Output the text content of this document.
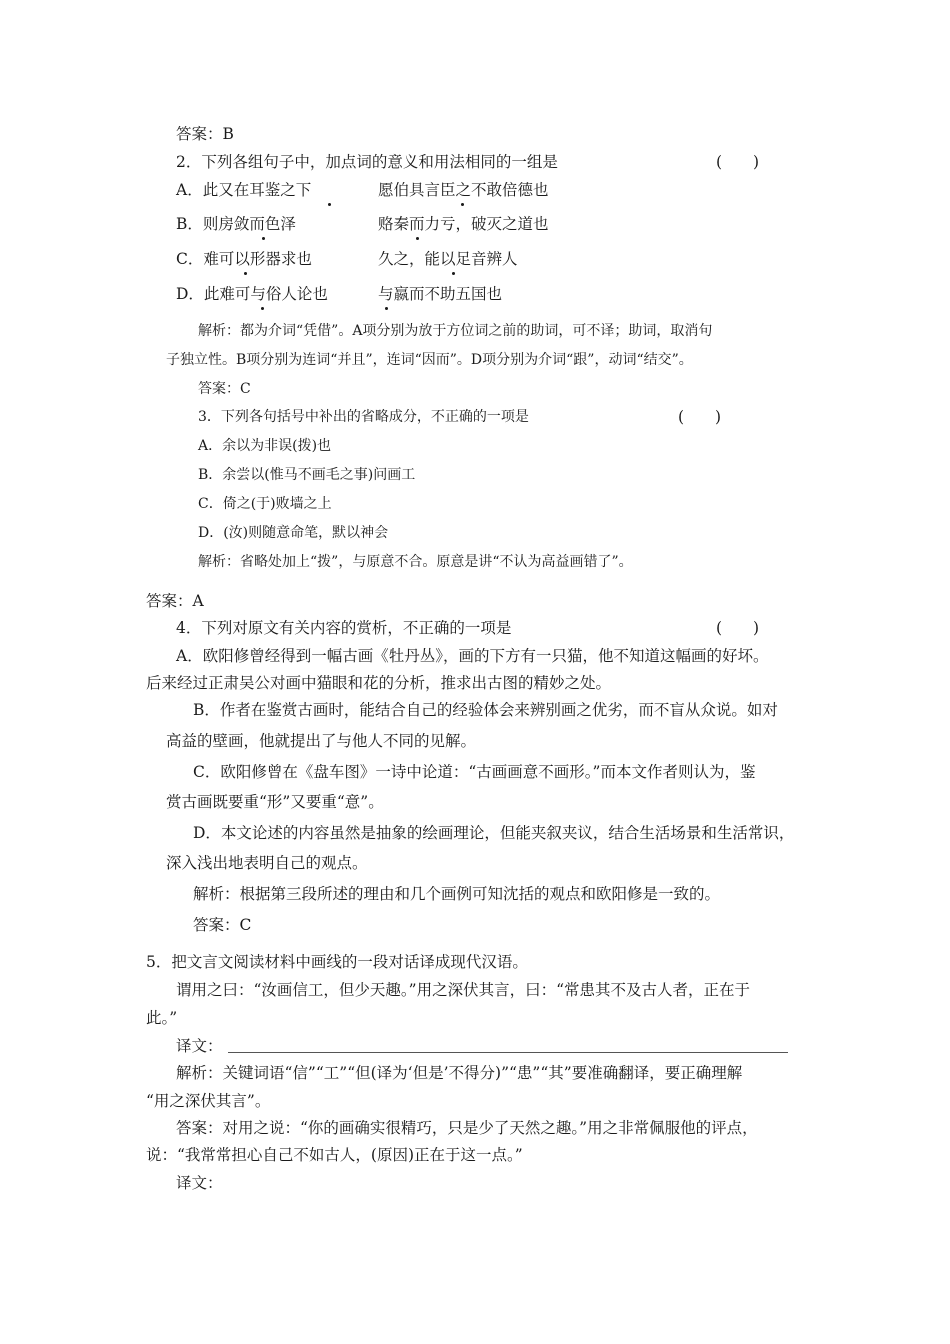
答案：B
2．下列各组句子中，加点词的意义和用法相同的一组是	(　　)
A．此又在耳鉴之下	愿伯具言臣之不敢倍德也
B．则房敛而色泽	赂秦而力亏，破灭之道也
C．难可以形器求也	久之，能以足音辨人
D．此难可与俗人论也	与嬴而不助五国也
解析：都为介词“凭借”。A项分别为放于方位词之前的助词，可不译；助词，取消句
子独立性。B项分别为连词“并且”，连词“因而”。D项分别为介词“跟”，动词“结交”。
答案：C
3．下列各句括号中补出的省略成分，不正确的一项是	(　　)
A．余以为非误(拨)也
B．余尝以(惟马不画毛之事)问画工
C．倚之(于)败墙之上
D．(汝)则随意命笔，默以神会
解析：省略处加上“拨”，与原意不合。原意是讲“不认为高益画错了”。
答案：A
4．下列对原文有关内容的赏析，不正确的一项是	(　　)
A．欧阳修曾经得到一幅古画《牡丹丛》，画的下方有一只猫，他不知道这幅画的好坏。
后来经过正肃吴公对画中猫眼和花的分析，推求出古图的精妙之处。
B．作者在鉴赏古画时，能结合自己的经验体会来辨别画之优劣，而不盲从众说。如对
高益的壁画，他就提出了与他人不同的见解。
C．欧阳修曾在《盘车图》一诗中论道：“古画画意不画形。”而本文作者则认为，鉴
赏古画既要重“形”又要重“意”。
D．本文论述的内容虽然是抽象的绘画理论，但能夹叙夹议，结合生活场景和生活常识，
深入浅出地表明自己的观点。
解析：根据第三段所述的理由和几个画例可知沈括的观点和欧阳修是一致的。
答案：C
5．把文言文阅读材料中画线的一段对话译成现代汉语。
谓用之曰：“汝画信工，但少天趣。”用之深伏其言，曰：“常患其不及古人者，正在于
此。”
译文：
解析：关键词语“信”“工”“但(译为‘但是’不得分)”“患”“其”要准确翻译，要正确理解
“用之深伏其言”。
答案：对用之说：“你的画确实很精巧，只是少了天然之趣。”用之非常佩服他的评点，
说：“我常常担心自己不如古人，(原因)正在于这一点。”
译文：
